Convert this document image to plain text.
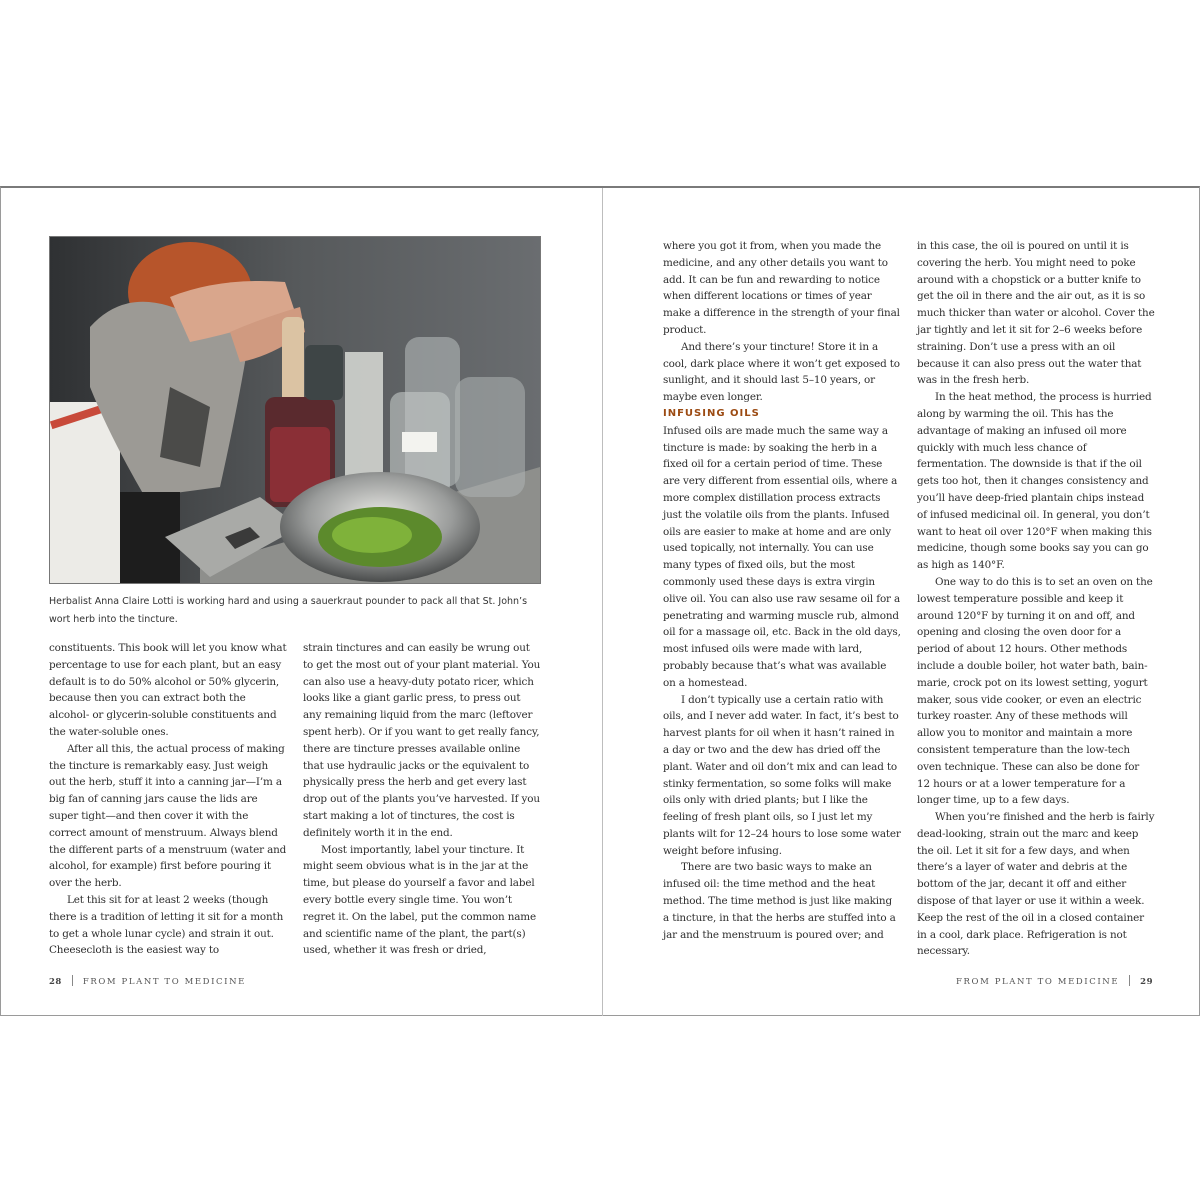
Herbalist Anna Claire Lotti is working hard and using a sauerkraut pounder to pack all that St. John’s wort herb into the tincture.

constituents. This book will let you know what percentage to use for each plant, but an easy default is to do 50% alcohol or 50% glycerin, because then you can extract both the alcohol- or glycerin-soluble constituents and the water-soluble ones.

After all this, the actual process of making the tincture is remarkably easy. Just weigh out the herb, stuff it into a canning jar—I’m a big fan of canning jars cause the lids are super tight—and then cover it with the correct amount of menstruum. Always blend the different parts of a menstruum (water and alcohol, for example) first before pouring it over the herb.

Let this sit for at least 2 weeks (though there is a tradition of letting it sit for a month to get a whole lunar cycle) and strain it out. Cheesecloth is the easiest way to

strain tinctures and can easily be wrung out to get the most out of your plant material. You can also use a heavy-duty potato ricer, which looks like a giant garlic press, to press out any remaining liquid from the marc (leftover spent herb). Or if you want to get really fancy, there are tincture presses available online that use hydraulic jacks or the equivalent to physically press the herb and get every last drop out of the plants you’ve harvested. If you start making a lot of tinctures, the cost is definitely worth it in the end.

Most importantly, label your tincture. It might seem obvious what is in the jar at the time, but please do yourself a favor and label every bottle every single time. You won’t regret it. On the label, put the common name and scientific name of the plant, the part(s) used, whether it was fresh or dried,

28 FROM PLANT TO MEDICINE

where you got it from, when you made the medicine, and any other details you want to add. It can be fun and rewarding to notice when different locations or times of year make a difference in the strength of your final product.

And there’s your tincture! Store it in a cool, dark place where it won’t get exposed to sunlight, and it should last 5–10 years, or maybe even longer.

INFUSING OILS

Infused oils are made much the same way a tincture is made: by soaking the herb in a fixed oil for a certain period of time. These are very different from essential oils, where a more complex distillation process extracts just the volatile oils from the plants. Infused oils are easier to make at home and are only used topically, not internally. You can use many types of fixed oils, but the most commonly used these days is extra virgin olive oil. You can also use raw sesame oil for a penetrating and warming muscle rub, almond oil for a massage oil, etc. Back in the old days, most infused oils were made with lard, probably because that’s what was available on a homestead.

I don’t typically use a certain ratio with oils, and I never add water. In fact, it’s best to harvest plants for oil when it hasn’t rained in a day or two and the dew has dried off the plant. Water and oil don’t mix and can lead to stinky fermentation, so some folks will make oils only with dried plants; but I like the feeling of fresh plant oils, so I just let my plants wilt for 12–24 hours to lose some water weight before infusing.

There are two basic ways to make an infused oil: the time method and the heat method. The time method is just like making a tincture, in that the herbs are stuffed into a jar and the menstruum is poured over; and

in this case, the oil is poured on until it is covering the herb. You might need to poke around with a chopstick or a butter knife to get the oil in there and the air out, as it is so much thicker than water or alcohol. Cover the jar tightly and let it sit for 2–6 weeks before straining. Don’t use a press with an oil because it can also press out the water that was in the fresh herb.

In the heat method, the process is hurried along by warming the oil. This has the advantage of making an infused oil more quickly with much less chance of fermentation. The downside is that if the oil gets too hot, then it changes consistency and you’ll have deep-fried plantain chips instead of infused medicinal oil. In general, you don’t want to heat oil over 120°F when making this medicine, though some books say you can go as high as 140°F.

One way to do this is to set an oven on the lowest temperature possible and keep it around 120°F by turning it on and off, and opening and closing the oven door for a period of about 12 hours. Other methods include a double boiler, hot water bath, bain-marie, crock pot on its lowest setting, yogurt maker, sous vide cooker, or even an electric turkey roaster. Any of these methods will allow you to monitor and maintain a more consistent temperature than the low-tech oven technique. These can also be done for 12 hours or at a lower temperature for a longer time, up to a few days.

When you’re finished and the herb is fairly dead-looking, strain out the marc and keep the oil. Let it sit for a few days, and when there’s a layer of water and debris at the bottom of the jar, decant it off and either dispose of that layer or use it within a week. Keep the rest of the oil in a closed container in a cool, dark place. Refrigeration is not necessary.

FROM PLANT TO MEDICINE 29
